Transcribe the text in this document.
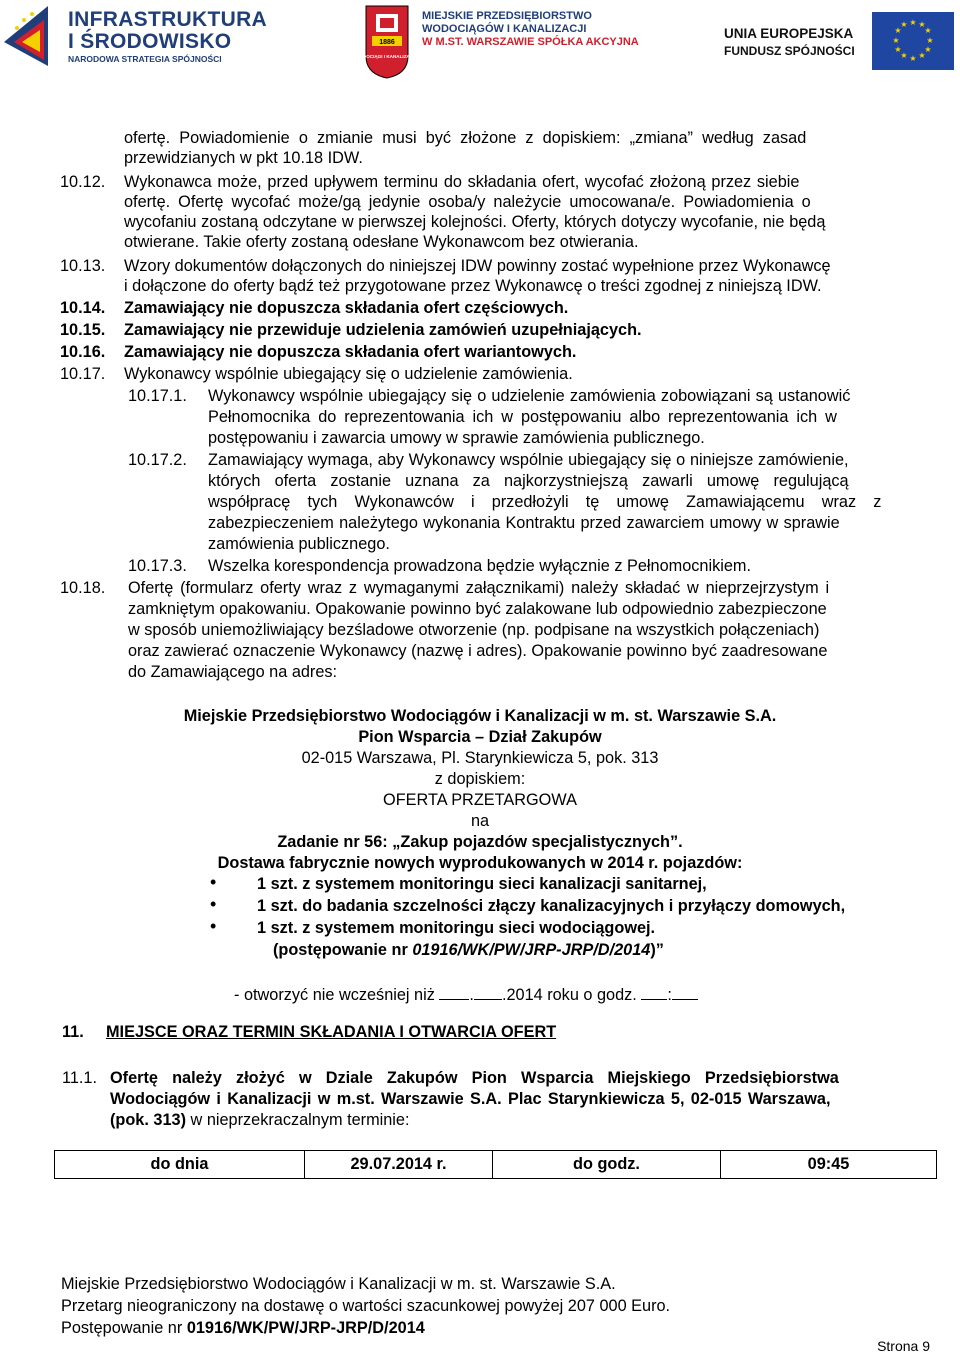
INFRASTRUKTURA
I ŚRODOWISKO
NARODOWA STRATEGIA SPÓJNOŚCI
MIEJSKIE PRZEDSIĘBIORSTWO
WODOCIĄGÓW I KANALIZACJI
W M.ST. WARSZAWIE SPÓŁKA AKCYJNA
1886
WODOCIĄGI I KANALIZACJA
UNIA EUROPEJSKA
FUNDUSZ SPÓJNOŚCI
★ ★
★
★
★
★
★
★
★
★
★
★
ofertę. Powiadomienie o zmianie musi być złożone z dopiskiem: „zmiana” według zasad
przewidzianych w pkt 10.18 IDW.
10.12. Wykonawca może, przed upływem terminu do składania ofert, wycofać złożoną przez siebie
ofertę. Ofertę wycofać może/gą jedynie osoba/y należycie umocowana/e. Powiadomienia o
wycofaniu zostaną odczytane w pierwszej kolejności. Oferty, których dotyczy wycofanie, nie będą
otwierane. Takie oferty zostaną odesłane Wykonawcom bez otwierania.
10.13. Wzory dokumentów dołączonych do niniejszej IDW powinny zostać wypełnione przez Wykonawcę
i dołączone do oferty bądź też przygotowane przez Wykonawcę o treści zgodnej z niniejszą IDW.
10.14. Zamawiający nie dopuszcza składania ofert częściowych.
10.15. Zamawiający nie przewiduje udzielenia zamówień uzupełniających.
10.16. Zamawiający nie dopuszcza składania ofert wariantowych.
10.17. Wykonawcy wspólnie ubiegający się o udzielenie zamówienia.
10.17.1. Wykonawcy wspólnie ubiegający się o udzielenie zamówienia zobowiązani są ustanowić
Pełnomocnika do reprezentowania ich w postępowaniu albo reprezentowania ich w
postępowaniu i zawarcia umowy w sprawie zamówienia publicznego.
10.17.2. Zamawiający wymaga, aby Wykonawcy wspólnie ubiegający się o niniejsze zamówienie,
których oferta zostanie uznana za najkorzystniejszą zawarli umowę regulującą
współpracę tych Wykonawców i przedłożyli tę umowę Zamawiającemu wraz z
zabezpieczeniem należytego wykonania Kontraktu przed zawarciem umowy w sprawie
zamówienia publicznego.
10.17.3. Wszelka korespondencja prowadzona będzie wyłącznie z Pełnomocnikiem.
10.18. Ofertę (formularz oferty wraz z wymaganymi załącznikami) należy składać w nieprzejrzystym i
zamkniętym opakowaniu. Opakowanie powinno być zalakowane lub odpowiednio zabezpieczone
w sposób uniemożliwiający bezśladowe otworzenie (np. podpisane na wszystkich połączeniach)
oraz zawierać oznaczenie Wykonawcy (nazwę i adres). Opakowanie powinno być zaadresowane
do Zamawiającego na adres:
Miejskie Przedsiębiorstwo Wodociągów i Kanalizacji w m. st. Warszawie S.A.
Pion Wsparcia – Dział Zakupów
02-015 Warszawa, Pl. Starynkiewicza 5, pok. 313
z dopiskiem:
OFERTA PRZETARGOWA
na
Zadanie nr 56: „Zakup pojazdów specjalistycznych”.
Dostawa fabrycznie nowych wyprodukowanych w 2014 r. pojazdów:
• 1 szt. z systemem monitoringu sieci kanalizacji sanitarnej,
• 1 szt. do badania szczelności złączy kanalizacyjnych i przyłączy domowych,
• 1 szt. z systemem monitoringu sieci wodociągowej.
(postępowanie nr 01916/WK/PW/JRP-JRP/D/2014)”
- otworzyć nie wcześniej niż . .2014 roku o godz. :
11. MIEJSCE ORAZ TERMIN SKŁADANIA I OTWARCIA OFERT
11.1. Ofertę należy złożyć w Dziale Zakupów Pion Wsparcia Miejskiego Przedsiębiorstwa
Wodociągów i Kanalizacji w m.st. Warszawie S.A. Plac Starynkiewicza 5, 02-015 Warszawa,
(pok. 313) w nieprzekraczalnym terminie:
do dnia	29.07.2014 r.	do godz.	09:45
Miejskie Przedsiębiorstwo Wodociągów i Kanalizacji w m. st. Warszawie S.A.
Przetarg nieograniczony na dostawę o wartości szacunkowej powyżej 207 000 Euro.
Postępowanie nr 01916/WK/PW/JRP-JRP/D/2014
Strona 9
